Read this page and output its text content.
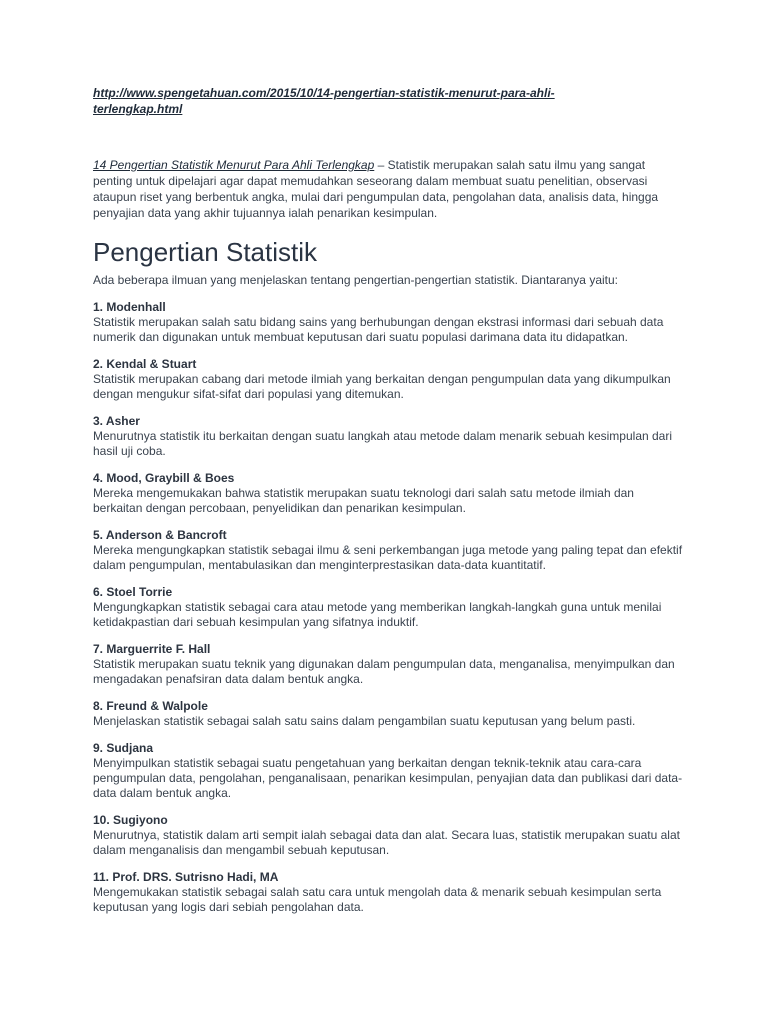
http://www.spengetahuan.com/2015/10/14-pengertian-statistik-menurut-para-ahli-
terlengkap.html

14 Pengertian Statistik Menurut Para Ahli Terlengkap – Statistik merupakan salah satu ilmu yang sangat penting untuk dipelajari agar dapat memudahkan seseorang dalam membuat suatu penelitian, observasi ataupun riset yang berbentuk angka, mulai dari pengumpulan data, pengolahan data, analisis data, hingga penyajian data yang akhir tujuannya ialah penarikan kesimpulan.

Pengertian Statistik

Ada beberapa ilmuan yang menjelaskan tentang pengertian-pengertian statistik. Diantaranya yaitu:

1. Modenhall

Statistik merupakan salah satu bidang sains yang berhubungan dengan ekstrasi informasi dari sebuah data numerik dan digunakan untuk membuat keputusan dari suatu populasi darimana data itu didapatkan.

2. Kendal & Stuart

Statistik merupakan cabang dari metode ilmiah yang berkaitan dengan pengumpulan data yang dikumpulkan dengan mengukur sifat-sifat dari populasi yang ditemukan.

3. Asher

Menurutnya statistik itu berkaitan dengan suatu langkah atau metode dalam menarik sebuah kesimpulan dari hasil uji coba.

4. Mood, Graybill & Boes

Mereka mengemukakan bahwa statistik merupakan suatu teknologi dari salah satu metode ilmiah dan berkaitan dengan percobaan, penyelidikan dan penarikan kesimpulan.

5. Anderson & Bancroft

Mereka mengungkapkan statistik sebagai ilmu & seni perkembangan juga metode yang paling tepat dan efektif dalam pengumpulan, mentabulasikan dan menginterprestasikan data-data kuantitatif.

6. Stoel Torrie

Mengungkapkan statistik sebagai cara atau metode yang memberikan langkah-langkah guna untuk menilai ketidakpastian dari sebuah kesimpulan yang sifatnya induktif.

7. Marguerrite F. Hall

Statistik merupakan suatu teknik yang digunakan dalam pengumpulan data, menganalisa, menyimpulkan dan mengadakan penafsiran data dalam bentuk angka.

8. Freund & Walpole

Menjelaskan statistik sebagai salah satu sains dalam pengambilan suatu keputusan yang belum pasti.

9. Sudjana

Menyimpulkan statistik sebagai suatu pengetahuan yang berkaitan dengan teknik-teknik atau cara-cara pengumpulan data, pengolahan, penganalisaan, penarikan kesimpulan, penyajian data dan publikasi dari data-data dalam bentuk angka.

10. Sugiyono

Menurutnya, statistik dalam arti sempit ialah sebagai data dan alat. Secara luas, statistik merupakan suatu alat dalam menganalisis dan mengambil sebuah keputusan.

11. Prof. DRS. Sutrisno Hadi, MA

Mengemukakan statistik sebagai salah satu cara untuk mengolah data & menarik sebuah kesimpulan serta keputusan yang logis dari sebiah pengolahan data.
